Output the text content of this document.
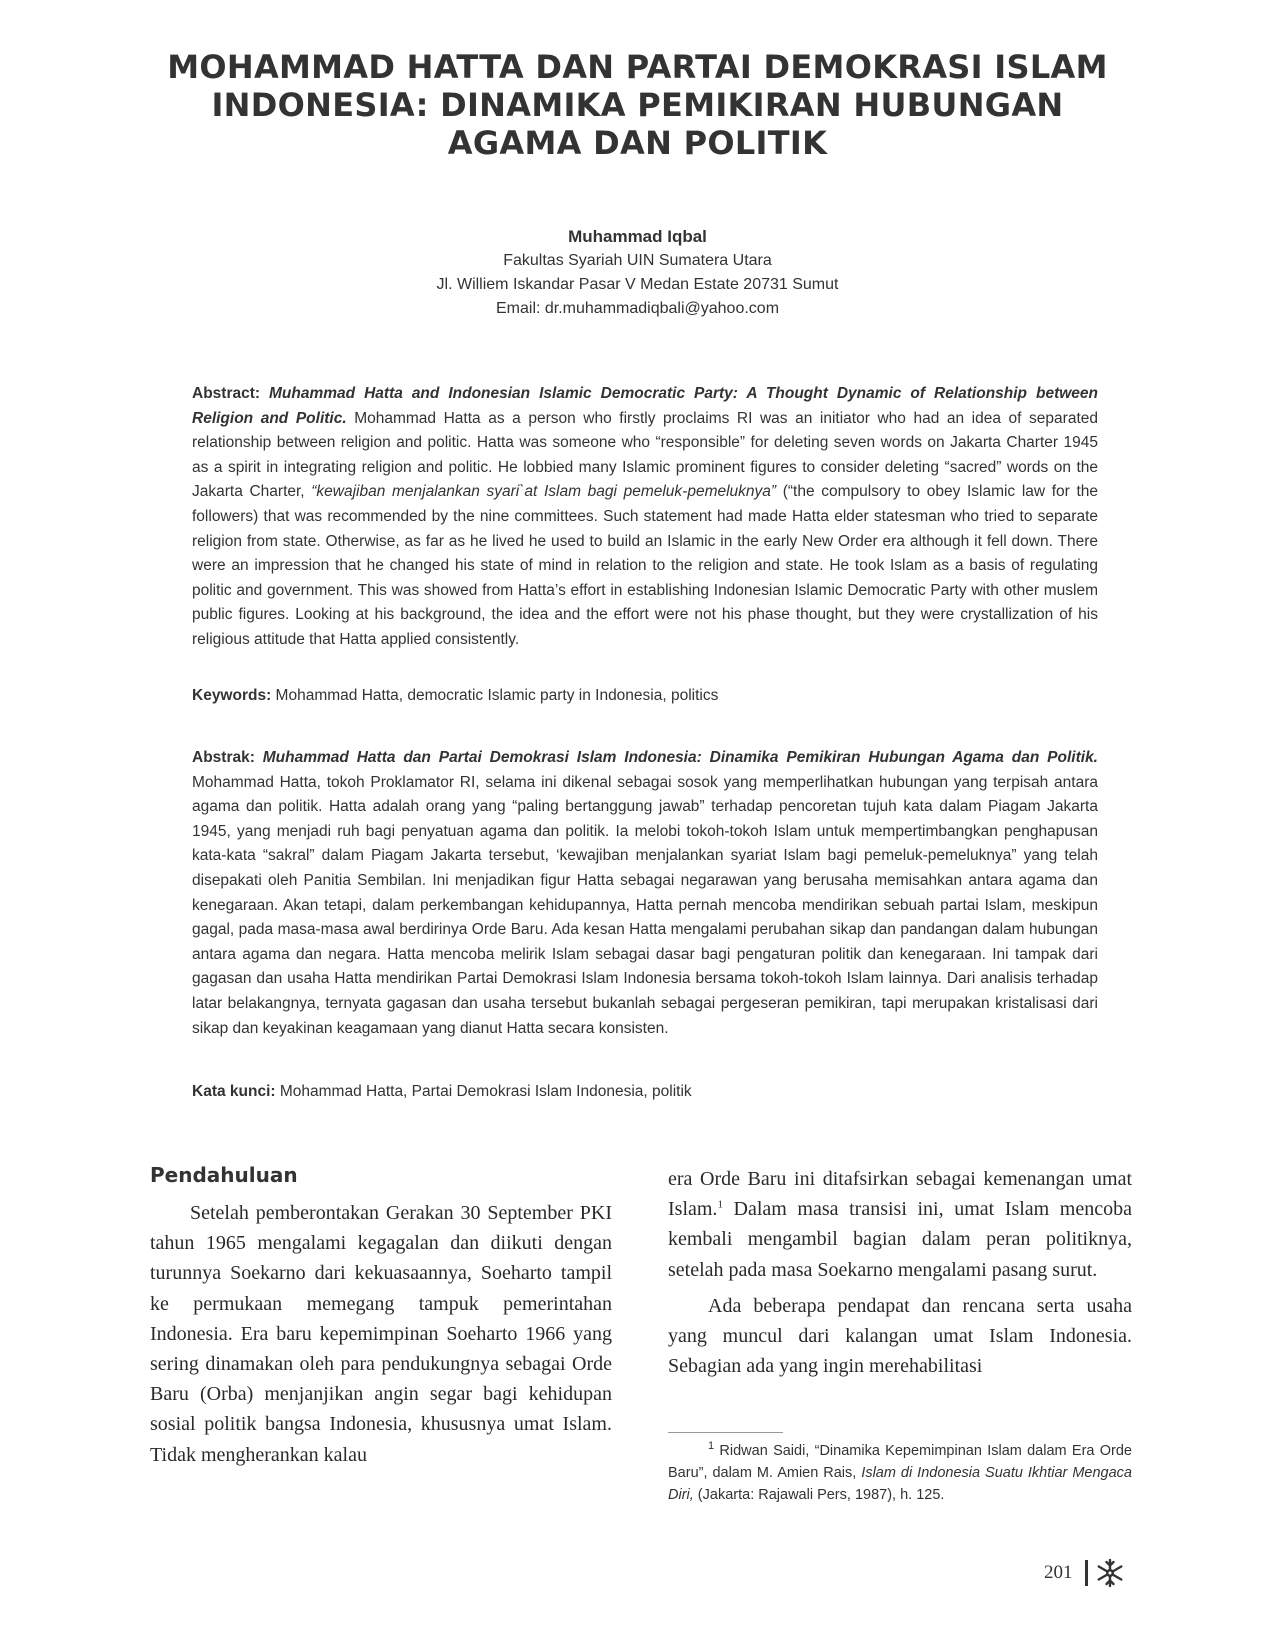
MOHAMMAD HATTA DAN PARTAI DEMOKRASI ISLAM
INDONESIA: DINAMIKA PEMIKIRAN HUBUNGAN
AGAMA DAN POLITIK
Muhammad Iqbal
Fakultas Syariah UIN Sumatera Utara
Jl. Williem Iskandar Pasar V Medan Estate 20731 Sumut
Email: dr.muhammadiqbali@yahoo.com

Abstract: Muhammad Hatta and Indonesian Islamic Democratic Party: A Thought Dynamic of Relationship between Religion and Politic. Mohammad Hatta as a person who firstly proclaims RI was an initiator who had an idea of separated relationship between religion and politic. Hatta was someone who “responsible” for deleting seven words on Jakarta Charter 1945 as a spirit in integrating religion and politic. He lobbied many Islamic prominent figures to consider deleting “sacred” words on the Jakarta Charter, “kewajiban menjalankan syari`at Islam bagi pemeluk-pemeluknya” (“the compulsory to obey Islamic law for the followers) that was recommended by the nine committees. Such statement had made Hatta elder statesman who tried to separate religion from state. Otherwise, as far as he lived he used to build an Islamic in the early New Order era although it fell down. There were an impression that he changed his state of mind in relation to the religion and state. He took Islam as a basis of regulating politic and government. This was showed from Hatta’s effort in establishing Indonesian Islamic Democratic Party with other muslem public figures. Looking at his background, the idea and the effort were not his phase thought, but they were crystallization of his religious attitude that Hatta applied consistently.

Keywords: Mohammad Hatta, democratic Islamic party in Indonesia, politics

Abstrak: Muhammad Hatta dan Partai Demokrasi Islam Indonesia: Dinamika Pemikiran Hubungan Agama dan Politik. Mohammad Hatta, tokoh Proklamator RI, selama ini dikenal sebagai sosok yang memperlihatkan hubungan yang terpisah antara agama dan politik. Hatta adalah orang yang “paling bertanggung jawab” terhadap pencoretan tujuh kata dalam Piagam Jakarta 1945, yang menjadi ruh bagi penyatuan agama dan politik. Ia melobi tokoh-tokoh Islam untuk mempertimbangkan penghapusan kata-kata “sakral” dalam Piagam Jakarta tersebut, ‘kewajiban menjalankan syariat Islam bagi pemeluk-pemeluknya” yang telah disepakati oleh Panitia Sembilan. Ini menjadikan figur Hatta sebagai negarawan yang berusaha memisahkan antara agama dan kenegaraan. Akan tetapi, dalam perkembangan kehidupannya, Hatta pernah mencoba mendirikan sebuah partai Islam, meskipun gagal, pada masa-masa awal berdirinya Orde Baru. Ada kesan Hatta mengalami perubahan sikap dan pandangan dalam hubungan antara agama dan negara. Hatta mencoba melirik Islam sebagai dasar bagi pengaturan politik dan kenegaraan. Ini tampak dari gagasan dan usaha Hatta mendirikan Partai Demokrasi Islam Indonesia bersama tokoh-tokoh Islam lainnya. Dari analisis terhadap latar belakangnya, ternyata gagasan dan usaha tersebut bukanlah sebagai pergeseran pemikiran, tapi merupakan kristalisasi dari sikap dan keyakinan keagamaan yang dianut Hatta secara konsisten.

Kata kunci: Mohammad Hatta, Partai Demokrasi Islam Indonesia, politik

Pendahuluan

Setelah pemberontakan Gerakan 30 September PKI tahun 1965 mengalami kegagalan dan diikuti dengan turunnya Soekarno dari kekuasaannya, Soeharto tampil ke permukaan memegang tampuk pemerintahan Indonesia. Era baru kepemimpinan Soeharto 1966 yang sering dinamakan oleh para pendukungnya sebagai Orde Baru (Orba) menjanjikan angin segar bagi kehidupan sosial politik bangsa Indonesia, khususnya umat Islam. Tidak mengherankan kalau

era Orde Baru ini ditafsirkan sebagai kemenangan umat Islam.$^1$ Dalam masa transisi ini, umat Islam mencoba kembali mengambil bagian dalam peran politiknya, setelah pada masa Soekarno mengalami pasang surut.

Ada beberapa pendapat dan rencana serta usaha yang muncul dari kalangan umat Islam Indonesia. Sebagian ada yang ingin merehabilitasi

$^1$ Ridwan Saidi, “Dinamika Kepemimpinan Islam dalam Era Orde Baru”, dalam M. Amien Rais, Islam di Indonesia Suatu Ikhtiar Mengaca Diri, (Jakarta: Rajawali Pers, 1987), h. 125.

201
